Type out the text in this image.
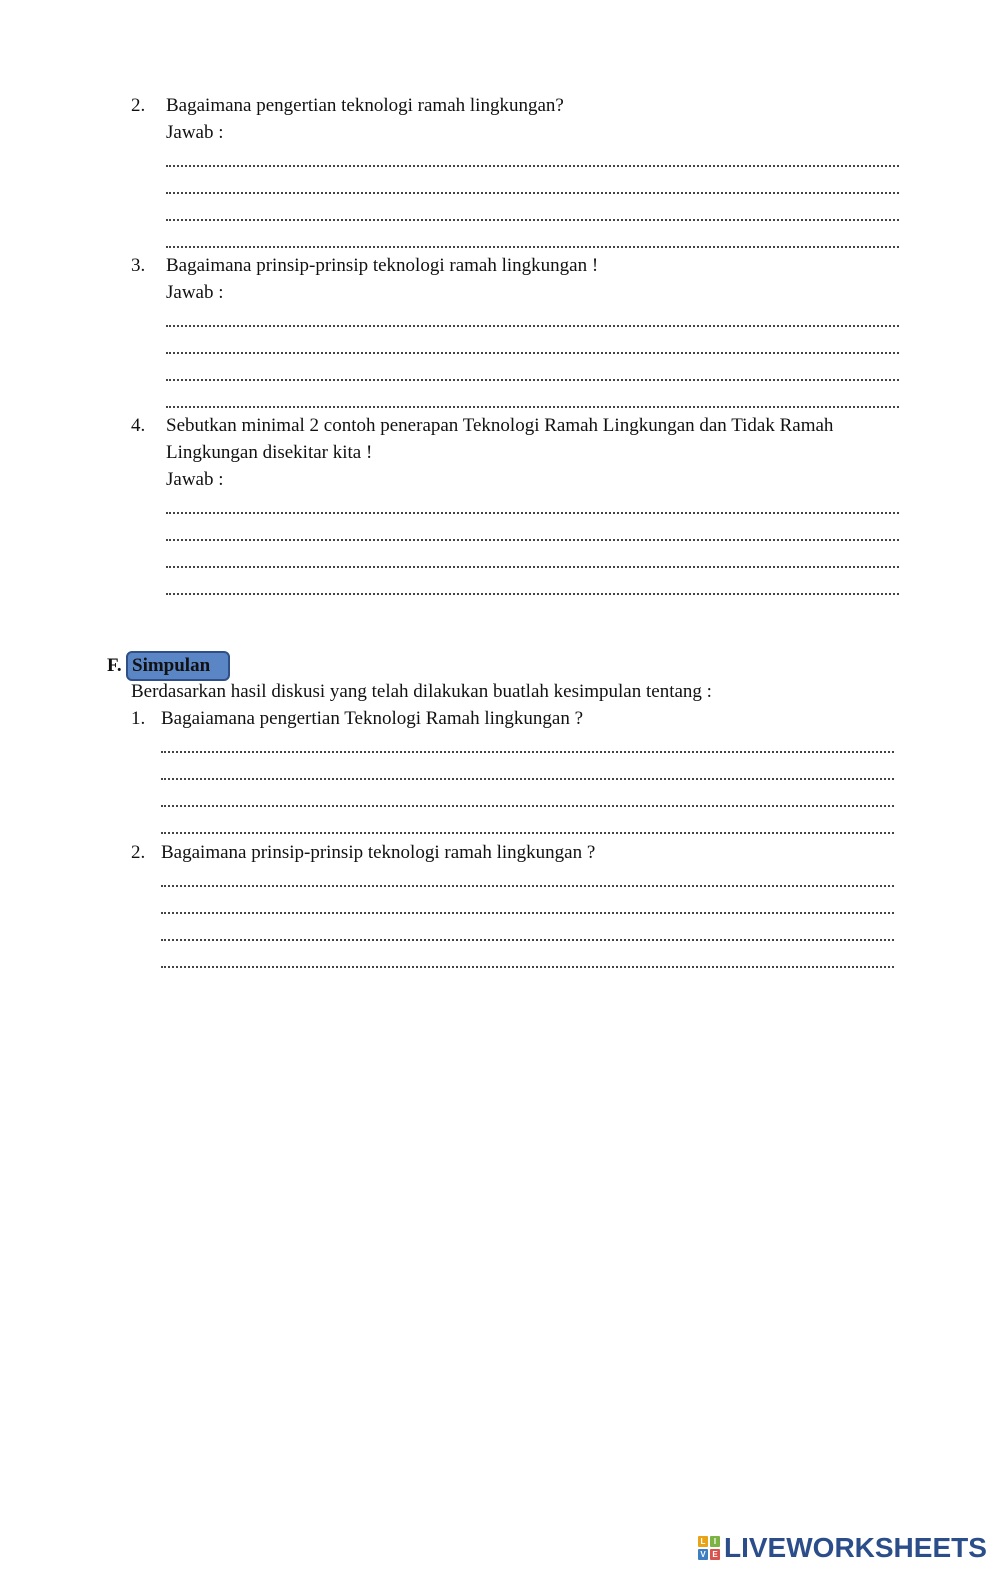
2. Bagaimana pengertian teknologi ramah lingkungan?
Jawab :
3. Bagaimana prinsip-prinsip teknologi ramah lingkungan !
Jawab :
4. Sebutkan minimal 2 contoh penerapan Teknologi Ramah Lingkungan dan Tidak Ramah
Lingkungan disekitar kita !
Jawab :
F. Simpulan
Berdasarkan hasil diskusi yang telah dilakukan buatlah kesimpulan tentang :
1. Bagaiamana pengertian Teknologi Ramah lingkungan ?
2. Bagaimana prinsip-prinsip teknologi ramah lingkungan ?
L	I
V E LIVEWORKSHEETS
